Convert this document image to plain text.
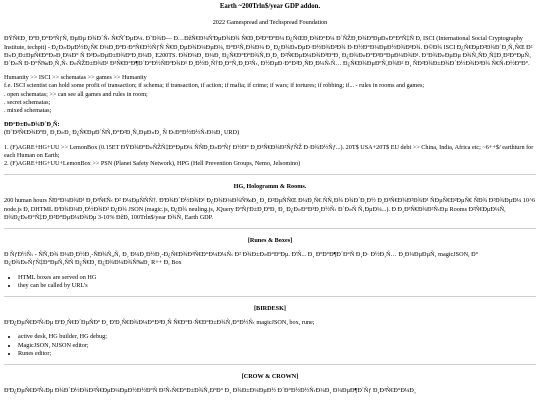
Earth ~200Trln$/year GDP addon.
2022 Gamespread and Techspread Foundation

ÐŸÑ€Ð¸ ÐºÐ¸Ð°ÐºÑƒÑ, ÐµÐµ Ð¾Ð´Ñ‹ Ñ€ÑˆÐµÐ¼. Ð˜Ð¾Ð— Ð…ÐžÑ€Ð¼Ñ'ÐµÐ¾Ð¾ Ñ€Ð¸Ð²Ð°ÐºÐ¼ Ð¿ÑŒÐ¸Ð¾Ð°Ð¼ Ð´ÑŽÐ¸Ð¾ÐºÐµÐ»Ð°ÐºÑ‡Ñ Ð, ISCI (International Social Cryptography Institute, techpit) - Ð¿Ð»ÐµÐ½Ð¿Ñ€ Ð¼Ð¸ÐºÐ·Ð°Ñ€Ð½ÑƒÑ Ñ€Ð¸ÐµÐ¾Ð¼ÐµÐ¼, Ð°Ð²Ñ‚Ð¾Ð¼ Ð¸ Ð¿Ð¾Ð»ÐµÐ·Ð½Ð¾Ð³Ð¾ Ð·Ð½Ð°Ð¼ÐµÐ½Ð¾Ð³Ð¾. Ð©Ð¾ ISCI Ð¿Ñ€ÐµÐ²Ð¾Ð´Ð¸Ñ‚ÑŒ Ð² Ð»Ð¸Ð±ÐµÑ€Ð°Ð»Ð¸Ð¼Ð° Ñ Ð³Ð»ÐµÐ±Ð¾ÐºÐ¸Ð¼Ð¸ E200TS. Ð¾Ð¼Ð¸ Ð¼Ð¸ Ð¿Ñ€Ð°ÐºÐ¾Ñ‚Ð¸Ð¸ Ð²Ñ€ÐµÐ¼Ð¾Ð³Ð°Ð¸ Ð¿Ð¾Ð»Ð°Ð³Ð°ÐµÐ¼Ð¾Ð¹. Ð‘Ð¾Ð»ÐµÐµ Ð¾Ñ‚ÑÐ¸Ñ‡Ð¸Ð²Ð°ÐµÑ‚ Ð´Ð»Ñ Ð·Ð°Ñ‰Ð¸Ñ‚Ñ‹ Ð»ÑŽÐ±Ð¾Ð¹ Ð³Ñ€Ð°Ð¶Ð´Ð°Ð½ÑÐºÐ¾Ð¹ Ð¸Ð½Ð¸Ñ†Ð¸Ð°Ñ‚Ð¸Ð²Ñ‹, Ð½ÐµÐ·Ð°Ð²Ð¸ÑÐ¸Ð¼Ñ‹Ñ… Ð¿Ñ€Ð¾ÐµÐºÑ‚Ð¾Ð² Ð¸ ÑÐ²Ð¾Ð±Ð¾Ð´Ð½Ð¾Ð³Ð¾ Ñ€Ñ‹Ð½ÐºÐ°.

Humanity >> ISCI >> schematas >> games >> Humanity
f.e. ISCI scientist can hold some profit of transaction; if schema; if transaction, if action; if mafia; if crime; if wars; if tortures; if robbing; if... - rules in rooms and games;
. open schematas; >> can see all games and rules in room;
. secret schematas;
. mixed schematas;
ÐÐ°Ð±Ð»Ð¾Ð´Ð¸Ñ:
(Ð˜Ð³Ñ€Ð¾ÐºÐ¸ Ð¸Ð»Ð¸ Ð¿Ñ€ÐµÐ´ÑÑ‚Ð°Ð²Ð¸Ñ‚ÐµÐ»Ð¸ Ñ Ð‹Ð°Ð½Ð½Ñ‹Ð¼Ð¸ URD)

1. (F)AGRE+HG+UU >> LemonBox (0.15ET ÐŸÐ¾ÐºÐ»ÑŽÑ‡Ð°ÐµÐ¼ ÑÑÐ¸Ð»ÐºÑƒ Ð½Ð° Ð¸Ð³Ñ€Ð¾Ð²ÑƒÑŽ Ð·Ð¾Ð½Ñƒ...). 20T$ USA+20T$ EU debt >> China, India, Africa etc; ~6++$/ earthturn for each Human on Earth;

2. (F)AGRE+HG+UU+LemonBox >> PSN (Planet Safety Network), HPG (Hell Prevention Groups, Nemo, Jelsomino)

HG, Hologramm & Rooms.

200 human hours ÑÐ°Ð¼Ð¾Ð¹ Ð¸Ð³Ñ€Ñ‹ Ð² Ð¼ÐµÑÑÑ†. Ð'Ð¾Ð´Ð½Ð¾Ð¹ Ð¿Ð¾Ð¼Ð¾Ñ‰Ð¸ Ð¸ Ð²ÐµÑÑŒ Ð¼Ð¸Ñ€ ÑÑ‚Ð¾ Ð¾Ð´Ð¸Ð½ Ð¸Ð³Ñ€Ð¾Ð²Ð¾Ð¹ ÑÐµÑ€Ð²ÐµÑ€ ÑÐ¾ Ð²Ð¾ÐµÐ¼ 10^6 node.js Ð, DHTML Ð'Ð¾Ð¼Ð¸Ð½Ð¾Ð² Ð¿Ð¾ JSON (magic.js, Ð¿Ð¾ neuling.js, JQuery ÐºÑƒÐ±Ð¸ÐºÐ¸ Ð¸ Ð¿Ð»Ð°Ð³Ð¸Ð½Ñ‹ Ð´Ð»Ñ Ñ‚ÐµÐ¼...). Ð Ð¸Ð³Ñ€Ð¾Ð²Ñ‹Ðµ Rooms Ð²Ñ€ÐµÐ¼Ñ, Ð¾Ð¿Ð»Ð°Ñ‡Ð¸Ð²Ð°ÐµÐ¼Ð¾Ðµ 3-10% ÐžÐ, 100Trln$/year Ð¾Ñ‚ Earth GDP.

[Runes & Boxes]

Ð ÑƒÐ½Ñ‹ - ÑÑ‚Ð¾ Ð¼Ð¸Ð½Ð¸-ÑÐ¾Ñ„Ñ‚ Ð¸ Ð¼Ð¸Ð½Ð¸-Ð¿Ñ€Ð¾Ð³Ñ€Ð°Ð¼Ð¼Ñ‹ Ð² Ð¾Ð±Ð»Ð°ÐºÐµ. Ð'Ñ... Ð¸ ÐºÐ°Ð¶Ð´Ð°Ñ Ð¸Ð· Ð½Ð¸Ñ… Ð¸Ð¼ÐµÐµÑ‚ magicJSON, Ð° Ð¿Ð¾Ð»ÑƒÑ‡Ð°ÐµÑ‚ÑÑ Ð¿Ñ€Ð¸ Ð¿Ð¾Ð¼Ð¾Ñ‰Ð¸ R++ Ð, Box

• HTML boxes are served on HG
• they can be called by URL's
[BIRDESK]

Ð'Ð¿ÐµÑ€Ð²Ñ‹Ðµ Ð'Ð¸Ñ€Ð´ÐµÑÐº Ð¸ Ð'Ð¸Ñ€Ð¾Ð¼Ð°Ð³Ð¸Ñ Ñ€Ð°Ð·Ñ€Ð°Ð±Ð¾Ñ‚Ð°Ð½Ñ‹ magicJSON, box, rune;

• active desk, HG builder, HG debug;
• MagicJSON, NJSON editor;
• Runes editor;
[CROW & CROWN]

Ð'Ð¿ÐµÑ€Ð²Ñ‹Ðµ Ð¾Ð´Ð½Ð¾Ð²Ñ€ÐµÐ¼ÐµÐ½Ð½Ð°Ñ Ð²Ñ‹Ñ€Ð°Ð±Ð¾Ñ‚ÐºÐ° Ð¸ Ð¾Ð±Ð¼ÐµÐ½ Ð´Ð°Ð½Ð½Ñ‹Ð¼Ð¸ Ð¼ÐµÐ¶Ð´Ñƒ Ð¸Ð³Ñ€Ð°Ð¼Ð¸
